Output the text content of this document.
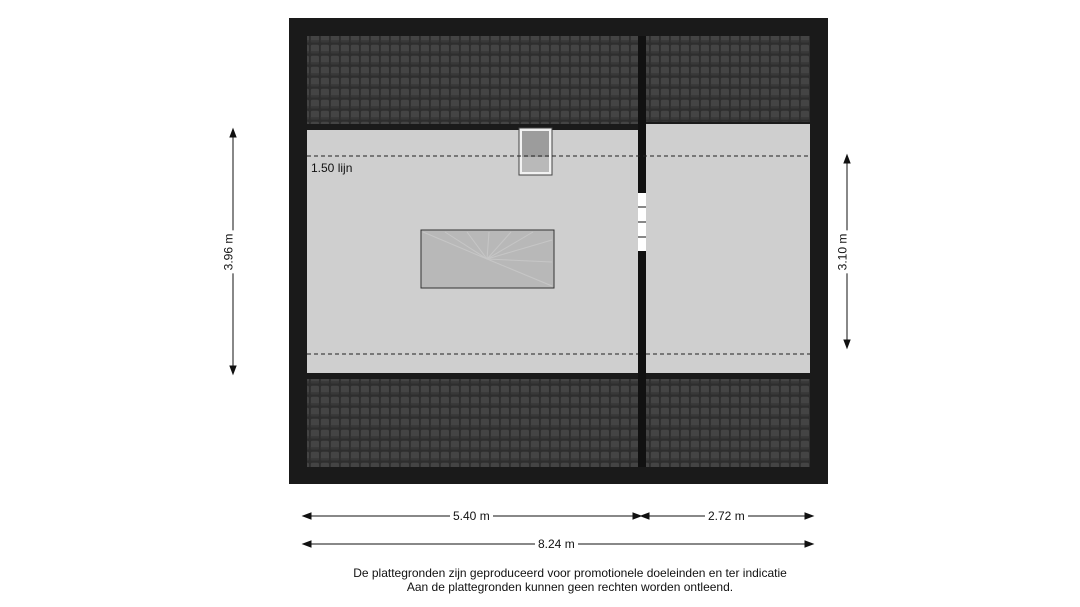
1.50 lijn
3.96 m	3.10 m
5.40 m	2.72 m
8.24 m
De plattegronden zijn geproduceerd voor promotionele doeleinden en ter indicatie
Aan de plattegronden kunnen geen rechten worden ontleend.
